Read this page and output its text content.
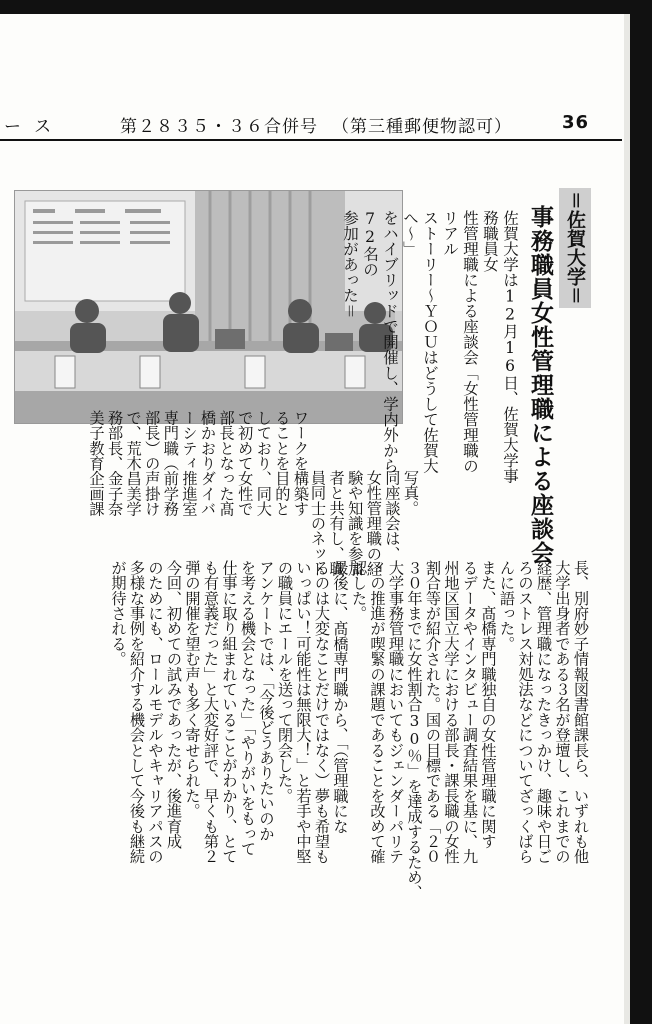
ース	第２８３５・３６合併号 （第三種郵便物認可）	36
＝佐賀大学＝
事務職員女性管理職による座談会
佐賀大学は12月16日、佐賀大学事務職員女
性管理職による座談会「女性管理職のリアル
ストーリー～ＹＯＵはどうして佐賀大へ～」
をハイブリッドで開催し、学内外から72名の
参加があった＝
写真。
同座談会は、
女性管理職の経
験や知識を参加
者と共有し、職
員同士のネット
ワークを構築す
ることを目的と
しており、同大
で初めて女性で
部長となった髙
橋かおりダイバ
ーシティ推進室
専門職（前学務
部長）の声掛け
で、荒木昌美学
務部長、金子奈
美子教育企画課
長、別府妙子情報図書館課長ら、いずれも他
大学出身者である３名が登壇し、これまでの
経歴、管理職になったきっかけ、趣味や日ご
ろのストレス対処法などについてざっくばら
んに語った。
また、髙橋専門職独自の女性管理職に関す
るデータやインタビュー調査結果を基に、九
州地区国立大学における部長・課長職の女性
割合等が紹介された。国の目標である「２０
３０年までに女性割合30％」を達成するため、
大学事務管理職においてもジェンダーパリテ
ィの推進が喫緊の課題であることを改めて確
認した。
最後に、髙橋専門職から、「（管理職にな
るのは大変なことだけではなく）夢も希望も
いっぱい！可能性は無限大！」と若手や中堅
の職員にエールを送って閉会した。
アンケートでは、「今後どうありたいのか
を考える機会となった」「やりがいをもって
仕事に取り組まれていることがわかり、とて
も有意義だった」と大変好評で、早くも第２
弾の開催を望む声も多く寄せられた。
今回、初めての試みであったが、後進育成
のためにも、ロールモデルやキャリアパスの
多様な事例を紹介する機会として今後も継続
が期待される。
